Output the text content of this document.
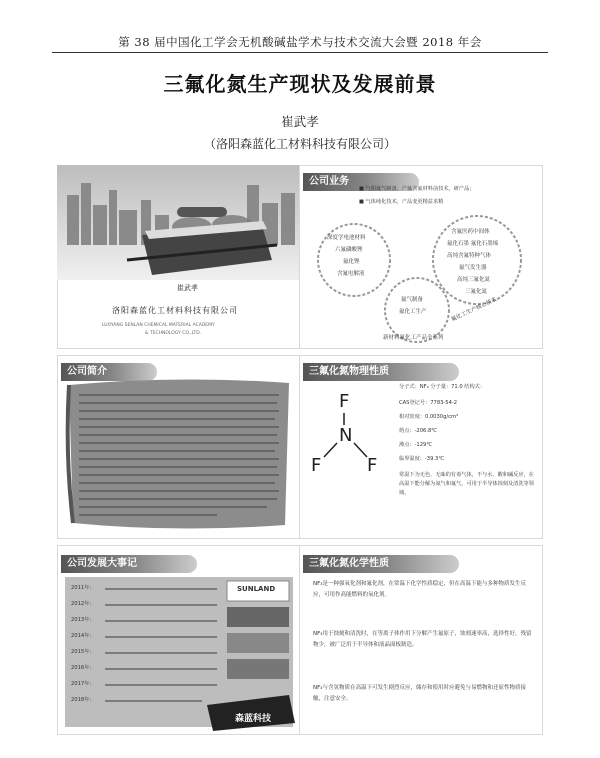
第 38 届中国化工学会无机酸碱盐学术与技术交流大会暨 2018 年会
三氟化氮生产现状及发展前景
崔武孝
（洛阳森蓝化工材料科技有限公司）
崔武孝
洛阳森蓝化工材料科技有限公司
LUOYANG SENLAN CHEMICAL MATERIAL ACADEMY
& TECHNOLOGY CO.,LTD.
公司业务
■ 气相氟气制备，产氟含氟材料前技术，研产品；
■ 气体纯化技术，产品变更精益求精
深度学电池材料
六氟磷酸锂
氟化锂
含氟电解液
含氟医药中间体
氟化石墨 氟化石墨烯
高纯含氟特种气体
氟气发生器
高纯三氟化氮
三氟化氮
氟气制备
氟化工生产	氟化工生产核心技术
新材料氟化工产品全系列
公司简介	三氟化氮物理性质
分子式：NF₃ 分子量：71.0 结构式：
CAS登记号：7783-54-2
相对密度：0.0030g/cm³
熔点：-206.8℃
沸点：-129℃
临界温度：-39.3℃
常温下为无色、无味的有毒气体，不与水、酸和碱反应，在高温下能分解为氮气和氟气，可用于半导体蚀刻及清洗等领域。
F
N
F	F
公司发展大事记
SUNLAND
森蓝科技
2011年：
2012年：
2013年：
2014年：
2015年：
2016年：
2017年：
2018年：
三氟化氮化学性质
NF₃是一种强氧化剂和氟化剂，在常温下化学性质稳定，但在高温下能与多种物质发生反应，可用作高能燃料的氧化剂。
NF₃用于蚀刻和清洗时，在等离子体作用下分解产生氟原子，蚀刻速率高，选择性好，残留物少，被广泛用于半导体和液晶面板制造。
NF₃与含氢物质在高温下可发生剧烈反应，储存和使用时应避免与易燃物和还原性物质接触，注意安全。
